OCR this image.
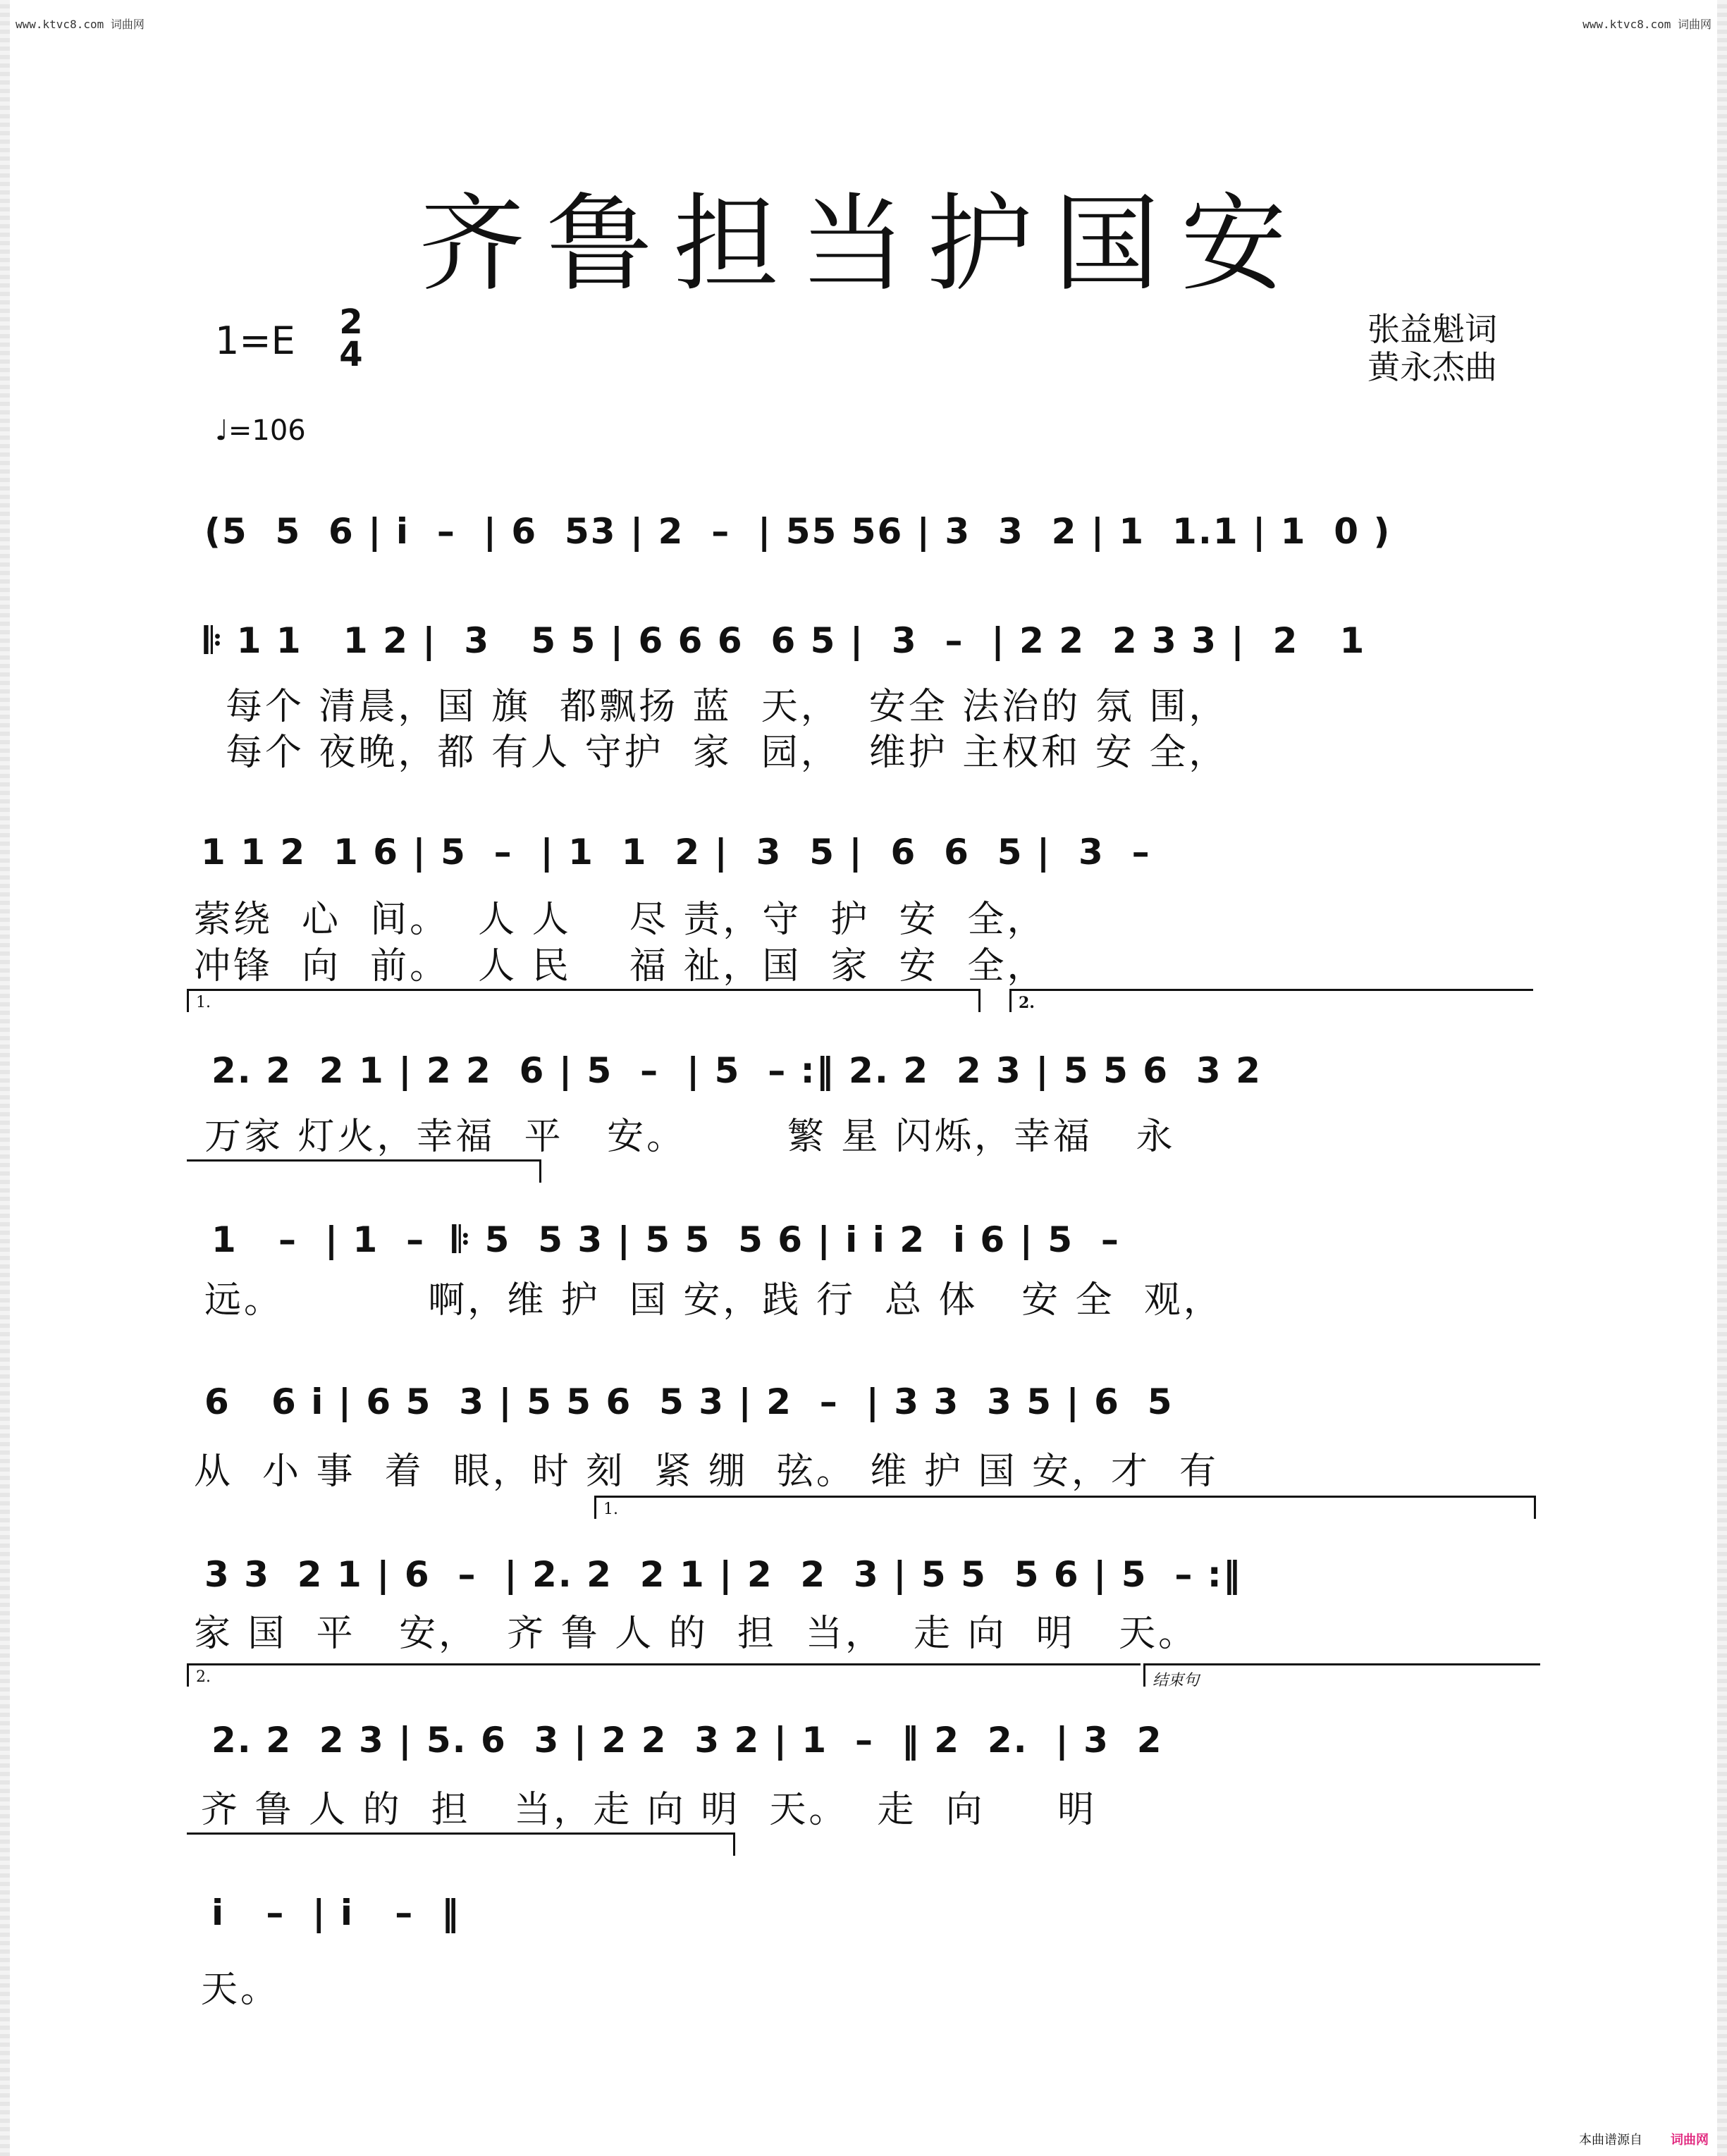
www.ktvc8.com 词曲网	www.ktvc8.com 词曲网
齐鲁担当护国安
1=E 2
4
♩=106
张益魁词
黄永杰曲
(5  5  6 | i  –  | 6  53 | 2  –  | 55 56 | 3  3  2 | 1  1.1 | 1  0 )
𝄆 1 1   1 2 |  3   5 5 | 6 6 6  6 5 |  3  –  | 2 2  2 3 3 |  2   1
每个 清晨，国 旗  都飘扬 蓝  天，  安全 法治的 氛 围，
每个 夜晚，都 有人 守护  家  园，  维护 主权和 安 全，
1 1 2  1 6 | 5  –  | 1  1  2 |  3  5 |  6  6  5 |  3  –
萦绕  心  间。  人 人    尽 责，守  护  安  全，
冲锋  向  前。  人 民    福 祉，国  家  安  全，
1.	2.
2. 2  2 1 | 2 2  6 | 5  –  | 5  – :‖ 2. 2  2 3 | 5 5 6  3 2
万家 灯火，幸福  平   安。       繁 星 闪烁，幸福   永
1   –  | 1  –  𝄆 5  5 3 | 5 5  5 6 | i i 2  i 6 | 5  –
远。          啊，维 护  国 安，践 行  总 体   安 全  观，
6   6 i | 6 5  3 | 5 5 6  5 3 | 2  –  | 3 3  3 5 | 6  5
从  小 事  着  眼，时 刻  紧 绷  弦。 维 护 国 安，才  有
1.
3 3  2 1 | 6  –  | 2. 2  2 1 | 2  2  3 | 5 5  5 6 | 5  – :‖
家 国  平   安，  齐 鲁 人 的  担  当，  走 向  明   天。
2.	结束句
2. 2  2 3 | 5. 6  3 | 2 2  3 2 | 1  –  ‖ 2  2.  | 3  2
齐 鲁 人 的  担   当，走 向 明  天。  走  向     明
i   –  | i   –  ‖
天。
本曲谱源自 词曲网
